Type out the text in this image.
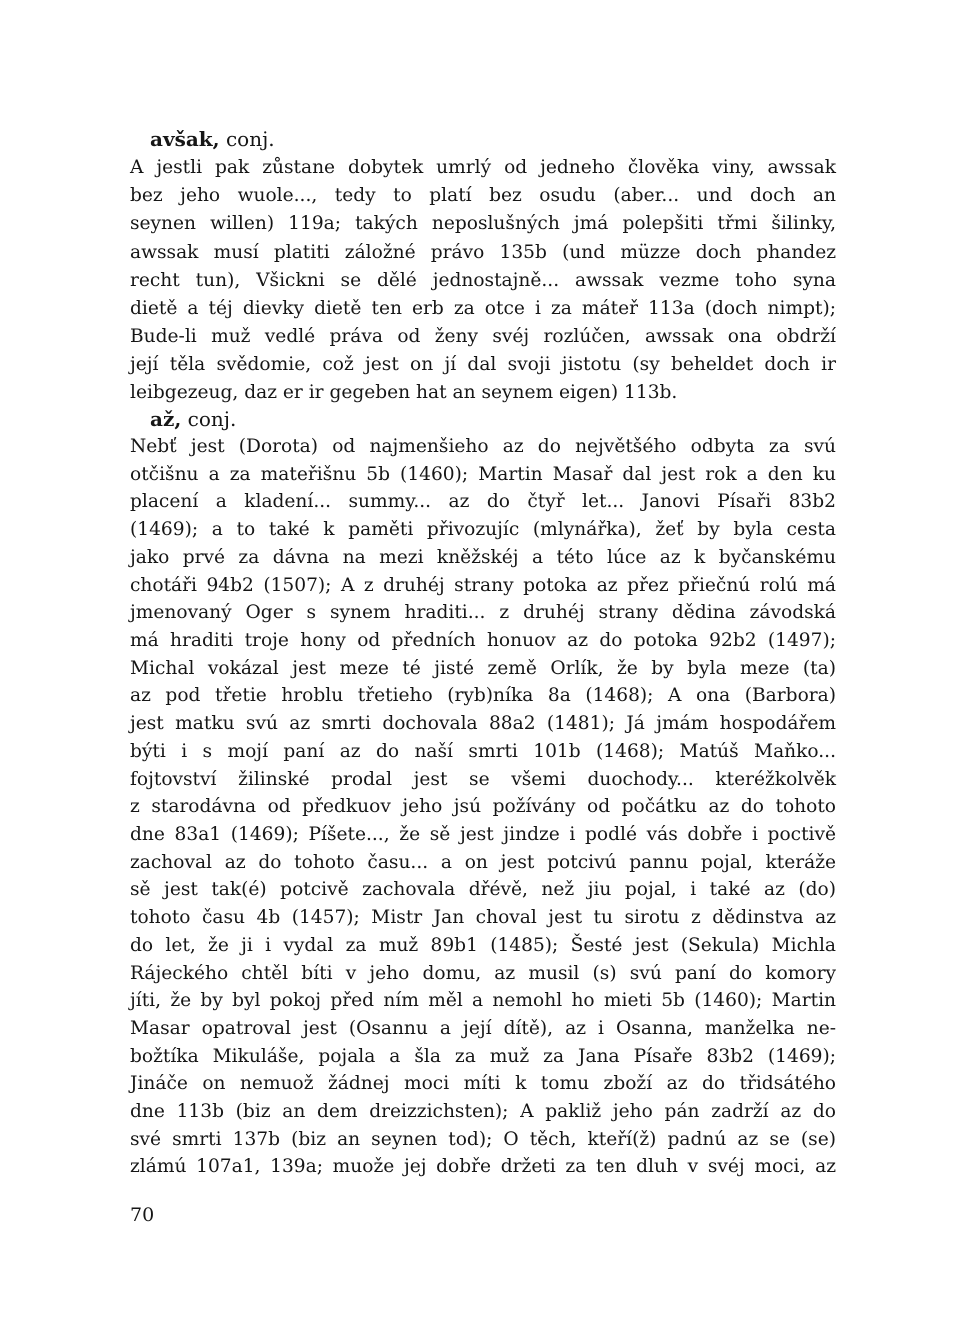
avšak, conj.
A jestli pak zůstane dobytek umrlý od jedneho člověka viny, awssak
bez jeho wuole..., tedy to platí bez osudu (aber... und doch an
seynen willen) 119a; takých neposlušných jmá polepšiti třmi šilinky,
awssak musí platiti záložné právo 135b (und müzze doch phandez
recht tun), Všickni se dělé jednostajně... awssak vezme toho syna
dietě a téj dievky dietě ten erb za otce i za máteř 113a (doch nimpt);
Bude-li muž vedlé práva od ženy svéj rozlúčen, awssak ona obdrží
její těla svědomie, což jest on jí dal svoji jistotu (sy beheldet doch ir
leibgezeug, daz er ir gegeben hat an seynem eigen) 113b.
až, conj.
Nebť jest (Dorota) od najmenšieho az do největšého odbyta za svú
otčišnu a za mateřišnu 5b (1460); Martin Masař dal jest rok a den ku
placení a kladení... summy... az do čtyř let... Janovi Písaři 83b2
(1469); a to také k paměti přivozujíc (mlynářka), žeť by byla cesta
jako prvé za dávna na mezi kněžskéj a této lúce az k byčanskému
chotáři 94b2 (1507); A z druhéj strany potoka az přez přiečnú rolú má
jmenovaný Oger s synem hraditi... z druhéj strany dědina závodská
má hraditi troje hony od předních honuov az do potoka 92b2 (1497);
Michal vokázal jest meze té jisté země Orlík, že by byla meze (ta)
az pod třetie hroblu třetieho (ryb)níka 8a (1468); A ona (Barbora)
jest matku svú az smrti dochovala 88a2 (1481); Já jmám hospodářem
býti i s mojí paní az do naší smrti 101b (1468); Matúš Maňko...
fojtovství žilinské prodal jest se všemi duochody... kteréžkolvěk
z starodávna od předkuov jeho jsú požívány od počátku az do tohoto
dne 83a1 (1469); Píšete..., že sě jest jindze i podlé vás dobře i poctivě
zachoval az do tohoto času... a on jest potcivú pannu pojal, kteráže
sě jest tak(é) potcivě zachovala dřévě, než jiu pojal, i také az (do)
tohoto času 4b (1457); Mistr Jan choval jest tu sirotu z dědinstva az
do let, že ji i vydal za muž 89b1 (1485); Šesté jest (Sekula) Michla
Rájeckého chtěl bíti v jeho domu, az musil (s) svú paní do komory
jíti, že by byl pokoj před ním měl a nemohl ho mieti 5b (1460); Martin
Masar opatroval jest (Osannu a její dítě), az i Osanna, manželka ne-
božtíka Mikuláše, pojala a šla za muž za Jana Písaře 83b2 (1469);
Jináče on nemuož žádnej moci míti k tomu zboží az do třidsátého
dne 113b (biz an dem dreizzichsten); A pakliž jeho pán zadrží az do
své smrti 137b (biz an seynen tod); O těch, kteří(ž) padnú az se (se)
zlámú 107a1, 139a; muože jej dobře držeti za ten dluh v svéj moci, az
70
